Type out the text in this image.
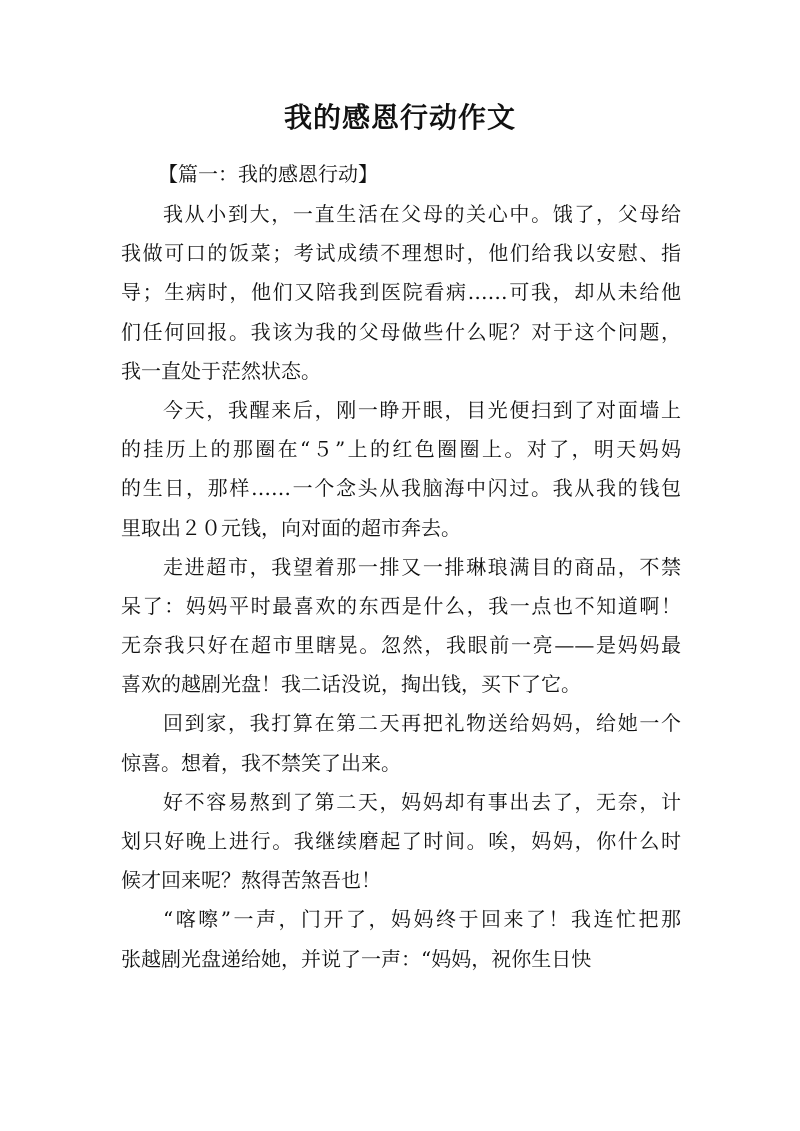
我的感恩行动作文
【篇一：我的感恩行动】

我从小到大，一直生活在父母的关心中。饿了，父母给
我做可口的饭菜；考试成绩不理想时，他们给我以安慰、指
导；生病时，他们又陪我到医院看病……可我，却从未给他
们任何回报。我该为我的父母做些什么呢？对于这个问题，
我一直处于茫然状态。

今天，我醒来后，刚一睁开眼，目光便扫到了对面墙上
的挂历上的那圈在“５”上的红色圈圈上。对了，明天妈妈
的生日，那样……一个念头从我脑海中闪过。我从我的钱包
里取出２０元钱，向对面的超市奔去。

走进超市，我望着那一排又一排琳琅满目的商品，不禁
呆了：妈妈平时最喜欢的东西是什么，我一点也不知道啊！
无奈我只好在超市里瞎晃。忽然，我眼前一亮——是妈妈最
喜欢的越剧光盘！我二话没说，掏出钱，买下了它。

回到家，我打算在第二天再把礼物送给妈妈，给她一个
惊喜。想着，我不禁笑了出来。

好不容易熬到了第二天，妈妈却有事出去了，无奈，计
划只好晚上进行。我继续磨起了时间。唉，妈妈，你什么时
候才回来呢？熬得苦煞吾也！

“喀嚓”一声，门开了，妈妈终于回来了！我连忙把那
张越剧光盘递给她，并说了一声：“妈妈，祝你生日快
